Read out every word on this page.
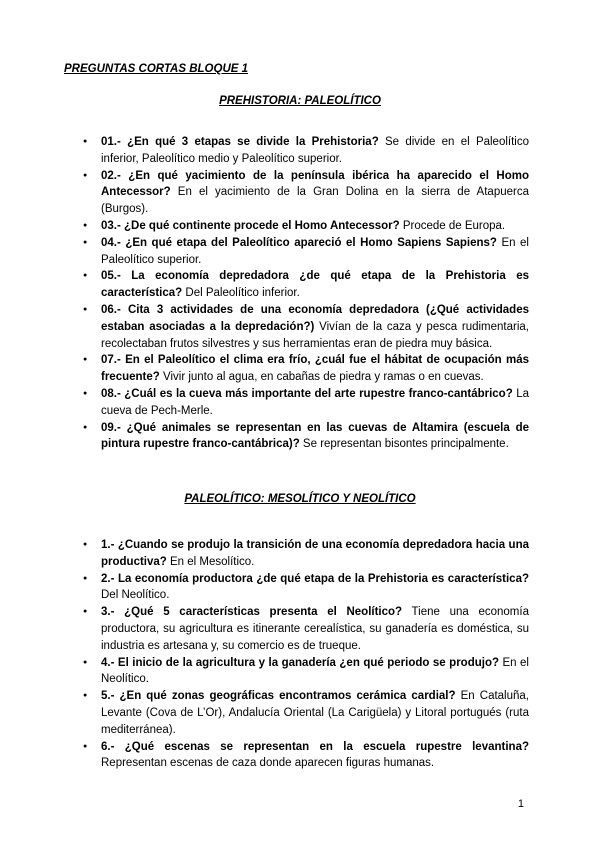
PREGUNTAS CORTAS BLOQUE 1
PREHISTORIA: PALEOLÍTICO
● 01.- ¿En qué 3 etapas se divide la Prehistoria? Se divide en el Paleolítico inferior, Paleolítico medio y Paleolítico superior.
● 02.- ¿En qué yacimiento de la península ibérica ha aparecido el Homo Antecessor? En el yacimiento de la Gran Dolina en la sierra de Atapuerca (Burgos).
● 03.- ¿De qué continente procede el Homo Antecessor? Procede de Europa.
● 04.- ¿En qué etapa del Paleolítico apareció el Homo Sapiens Sapiens? En el Paleolítico superior.
● 05.- La economía depredadora ¿de qué etapa de la Prehistoria es característica? Del Paleolítico inferior.
● 06.- Cita 3 actividades de una economía depredadora (¿Qué actividades estaban asociadas a la depredación?) Vivían de la caza y pesca rudimentaria, recolectaban frutos silvestres y sus herramientas eran de piedra muy básica.
● 07.- En el Paleolítico el clima era frío, ¿cuál fue el hábitat de ocupación más frecuente? Vivir junto al agua, en cabañas de piedra y ramas o en cuevas.
● 08.- ¿Cuál es la cueva más importante del arte rupestre franco-cantábrico? La cueva de Pech-Merle.
● 09.- ¿Qué animales se representan en las cuevas de Altamira (escuela de pintura rupestre franco-cantábrica)? Se representan bisontes principalmente.
PALEOLÍTICO: MESOLÍTICO Y NEOLÍTICO
● 1.- ¿Cuando se produjo la transición de una economía depredadora hacia una productiva? En el Mesolítico.
● 2.- La economía productora ¿de qué etapa de la Prehistoria es característica? Del Neolítico.
● 3.- ¿Qué 5 características presenta el Neolítico? Tiene una economía productora, su agricultura es itinerante cerealística, su ganadería es doméstica, su industria es artesana y, su comercio es de trueque.
● 4.- El inicio de la agricultura y la ganadería ¿en qué periodo se produjo? En el Neolítico.
● 5.- ¿En qué zonas geográficas encontramos cerámica cardial? En Cataluña, Levante (Cova de L’Or), Andalucía Oriental (La Carigüela) y Litoral portugués (ruta mediterránea).
● 6.- ¿Qué escenas se representan en la escuela rupestre levantina? Representan escenas de caza donde aparecen figuras humanas.
1
